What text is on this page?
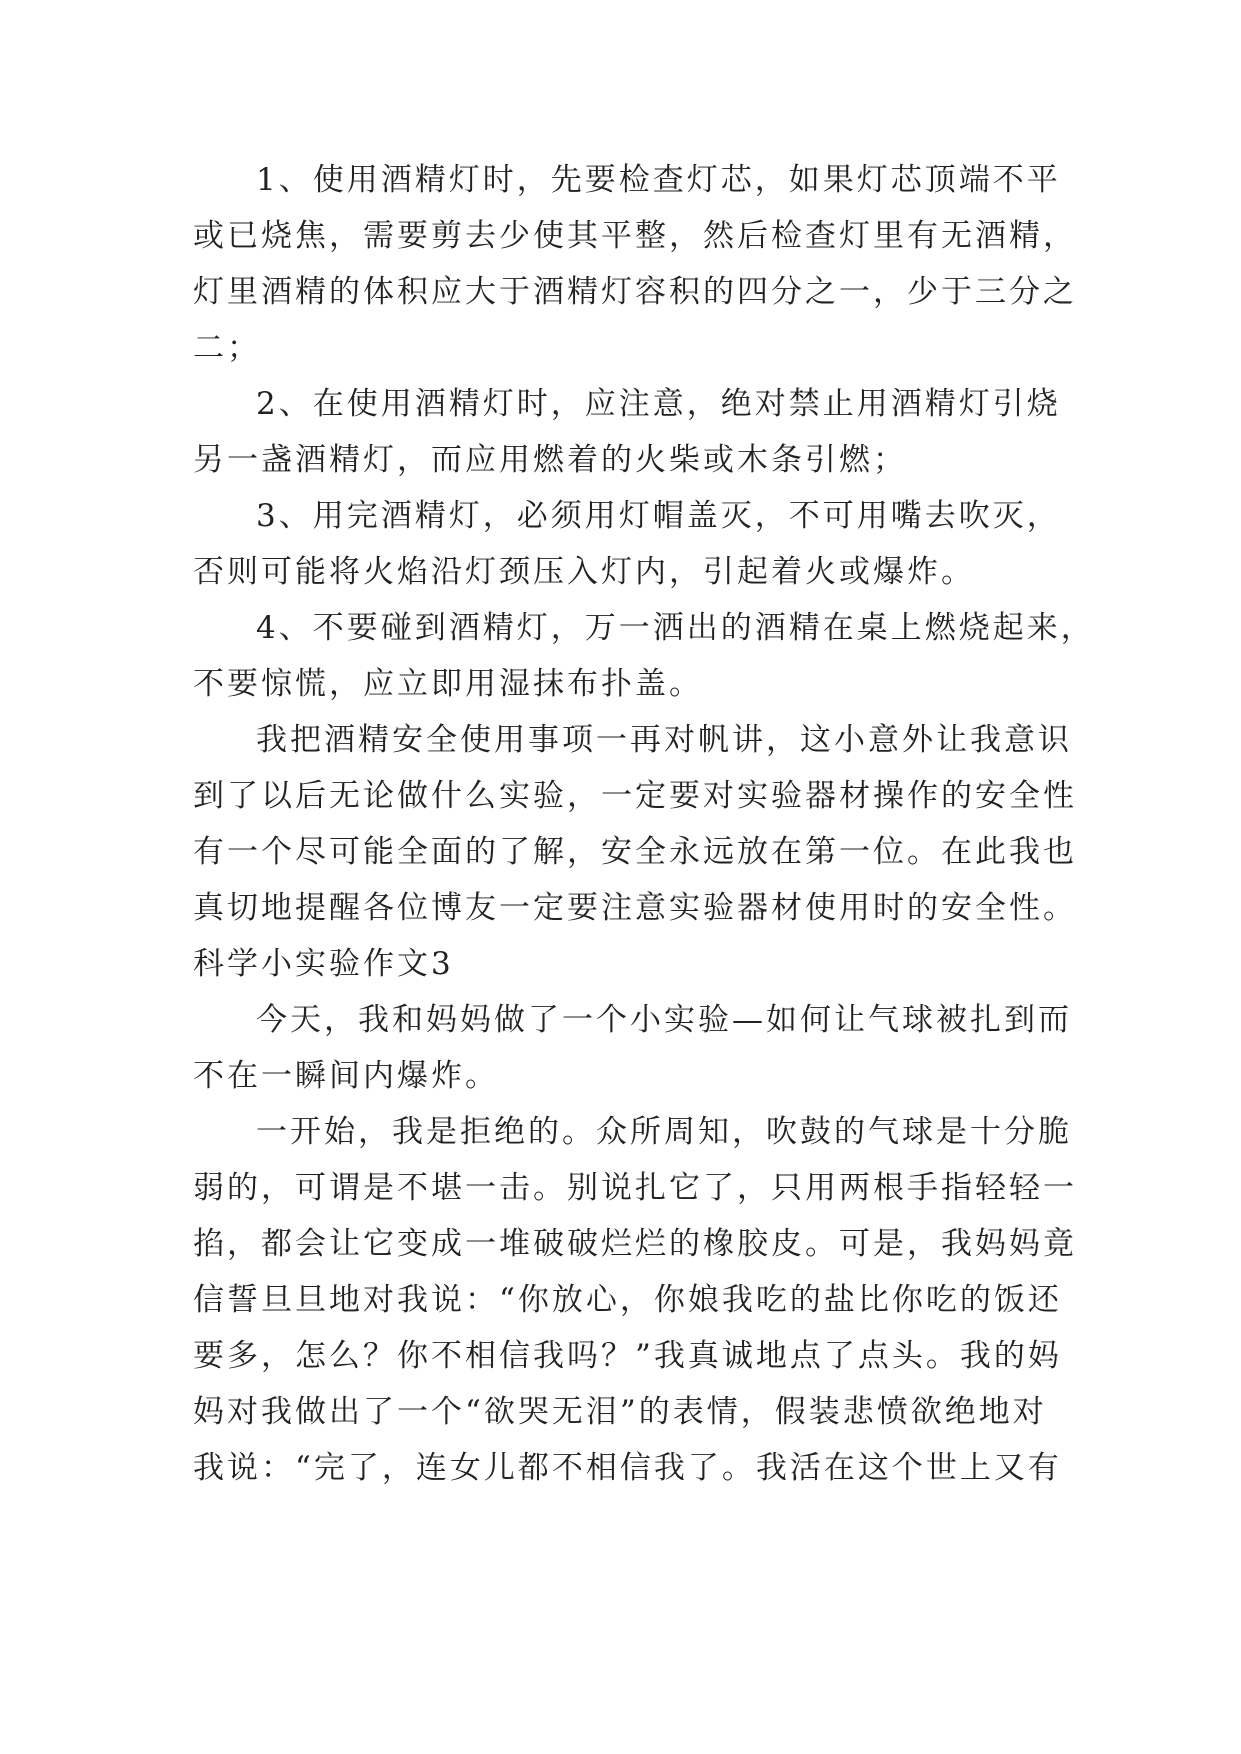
1、使用酒精灯时，先要检查灯芯，如果灯芯顶端不平
或已烧焦，需要剪去少使其平整，然后检查灯里有无酒精，
灯里酒精的体积应大于酒精灯容积的四分之一，少于三分之
二；
2、在使用酒精灯时，应注意，绝对禁止用酒精灯引烧
另一盏酒精灯，而应用燃着的火柴或木条引燃；
3、用完酒精灯，必须用灯帽盖灭，不可用嘴去吹灭，
否则可能将火焰沿灯颈压入灯内，引起着火或爆炸。
4、不要碰到酒精灯，万一洒出的酒精在桌上燃烧起来，
不要惊慌，应立即用湿抹布扑盖。
我把酒精安全使用事项一再对帆讲，这小意外让我意识
到了以后无论做什么实验，一定要对实验器材操作的安全性
有一个尽可能全面的了解，安全永远放在第一位。在此我也
真切地提醒各位博友一定要注意实验器材使用时的安全性。
科学小实验作文3
今天，我和妈妈做了一个小实验—如何让气球被扎到而
不在一瞬间内爆炸。
一开始，我是拒绝的。众所周知，吹鼓的气球是十分脆
弱的，可谓是不堪一击。别说扎它了，只用两根手指轻轻一
掐，都会让它变成一堆破破烂烂的橡胶皮。可是，我妈妈竟
信誓旦旦地对我说：“你放心，你娘我吃的盐比你吃的饭还
要多，怎么？你不相信我吗？”我真诚地点了点头。我的妈
妈对我做出了一个“欲哭无泪”的表情，假装悲愤欲绝地对
我说：“完了，连女儿都不相信我了。我活在这个世上又有
